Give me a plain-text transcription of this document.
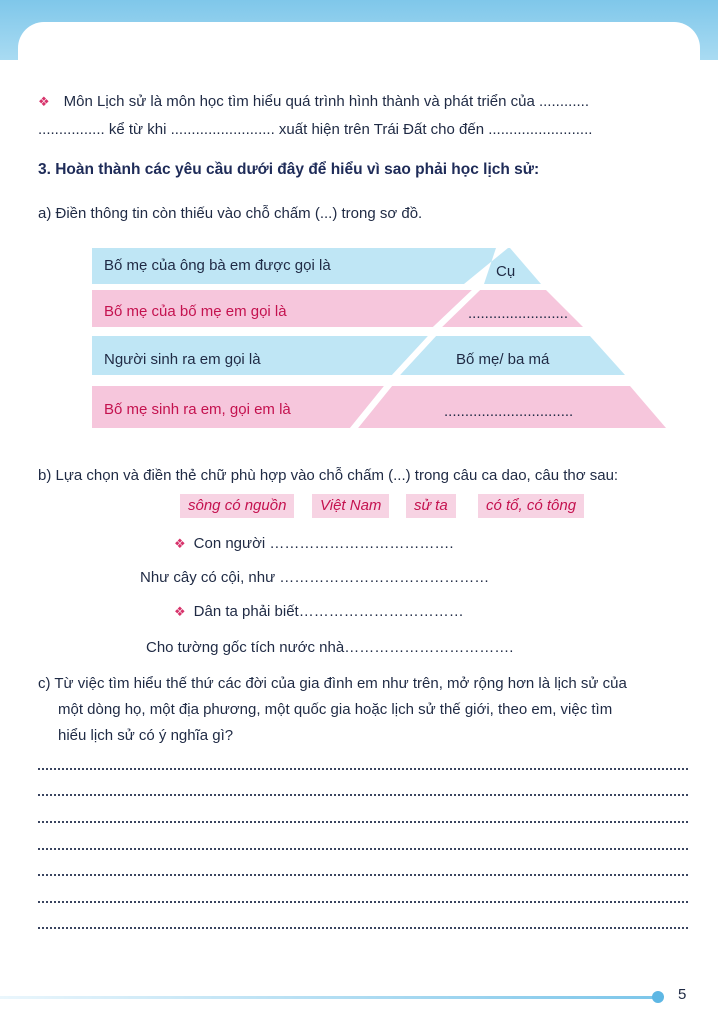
❖ Môn Lịch sử là môn học tìm hiểu quá trình hình thành và phát triển của ............
................ kể từ khi ......................... xuất hiện trên Trái Đất cho đến .........................
3. Hoàn thành các yêu cầu dưới đây để hiểu vì sao phải học lịch sử:
a) Điền thông tin còn thiếu vào chỗ chấm (...) trong sơ đồ.
Bố mẹ của ông bà em được gọi là	Cụ
Bố mẹ của bố mẹ em gọi là	........................
Người sinh ra em gọi là	Bố mẹ/ ba má
Bố mẹ sinh ra em, gọi em là	...............................
b) Lựa chọn và điền thẻ chữ phù hợp vào chỗ chấm (...) trong câu ca dao, câu thơ sau:
sông có nguồn	Việt Nam	sử ta	có tổ, có tông
❖ Con người ……………………………….
Như cây có cội, như ……………………………………
❖ Dân ta phải biết……………………………
Cho tường gốc tích nước nhà…………………………….
c) Từ việc tìm hiểu thế thứ các đời của gia đình em như trên, mở rộng hơn là lịch sử của
một dòng họ, một địa phương, một quốc gia hoặc lịch sử thế giới, theo em, việc tìm
hiểu lịch sử có ý nghĩa gì?
5
